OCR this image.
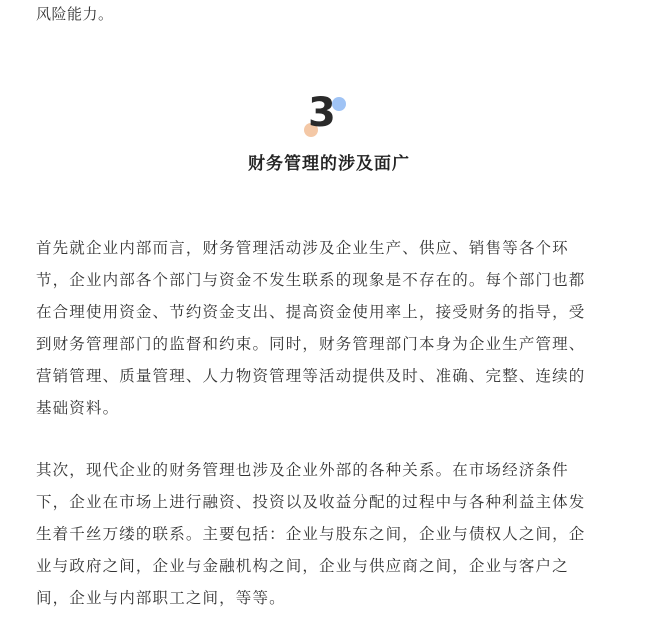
风险能力。
3
财务管理的涉及面广

首先就企业内部而言，财务管理活动涉及企业生产、供应、销售等各个环
节，企业内部各个部门与资金不发生联系的现象是不存在的。每个部门也都
在合理使用资金、节约资金支出、提高资金使用率上，接受财务的指导，受
到财务管理部门的监督和约束。同时，财务管理部门本身为企业生产管理、
营销管理、质量管理、人力物资管理等活动提供及时、准确、完整、连续的
基础资料。

其次，现代企业的财务管理也涉及企业外部的各种关系。在市场经济条件
下，企业在市场上进行融资、投资以及收益分配的过程中与各种利益主体发
生着千丝万缕的联系。主要包括：企业与股东之间，企业与债权人之间，企
业与政府之间，企业与金融机构之间，企业与供应商之间，企业与客户之
间，企业与内部职工之间，等等。
